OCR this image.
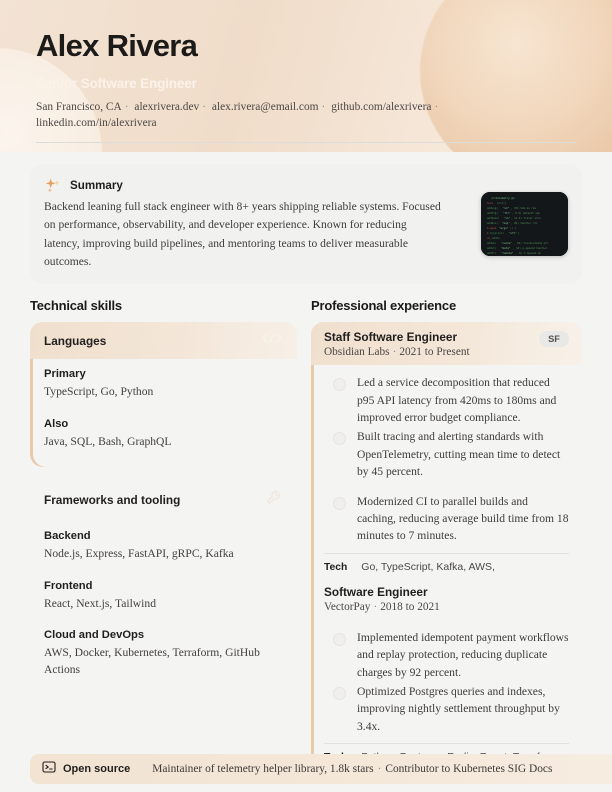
Alex Rivera
Senior Software Engineer
San Francisco, CA · alexrivera.dev · alex.rivera@email.com · github.com/alexrivera · linkedin.com/in/alexrivera
Summary
Backend leaning full stack engineer with 8+ years shipping reliable systems. Focused on performance, observability, and developer experience. Known for reducing latency, improving build pipelines, and mentoring teams to deliver measurable outcomes.
</>telemetry.go
func init()
addLog( "ok" , fmt.Sub.Go res
addCfg( "ttl" , 0.8) default spn
addSpan( "v1" , 12.4) tracer sink
addRun( "exp" , 90) handler ctx
m.span "args" () }
k mj(procs( "utl" )
ui addls
addLb( "cache" , 64) tracks/deduq ptr
addLt( "metq" , 10) p.append handler
addTr( "remote" , 8) t.queued ok
Technical skills
Languages
Primary
TypeScript, Go, Python
Also
Java, SQL, Bash, GraphQL
Frameworks and tooling
Backend
Node.js, Express, FastAPI, gRPC, Kafka
Frontend
React, Next.js, Tailwind
Cloud and DevOps
AWS, Docker, Kubernetes, Terraform, GitHub Actions
Professional experience
Staff Software Engineer
Obsidian Labs · 2021 to Present
SF
Led a service decomposition that reduced p95 API latency from 420ms to 180ms and improved error budget compliance.
Built tracing and alerting standards with OpenTelemetry, cutting mean time to detect by 45 percent.
Modernized CI to parallel builds and caching, reducing average build time from 18 minutes to 7 minutes.
Tech Go, TypeScript, Kafka, AWS,
Software Engineer
VectorPay · 2018 to 2021
Implemented idempotent payment workflows and replay protection, reducing duplicate charges by 92 percent.
Optimized Postgres queries and indexes, improving nightly settlement throughput by 3.4x.
Open source Maintainer of telemetry helper library, 1.8k stars · Contributor to Kubernetes SIG Docs
